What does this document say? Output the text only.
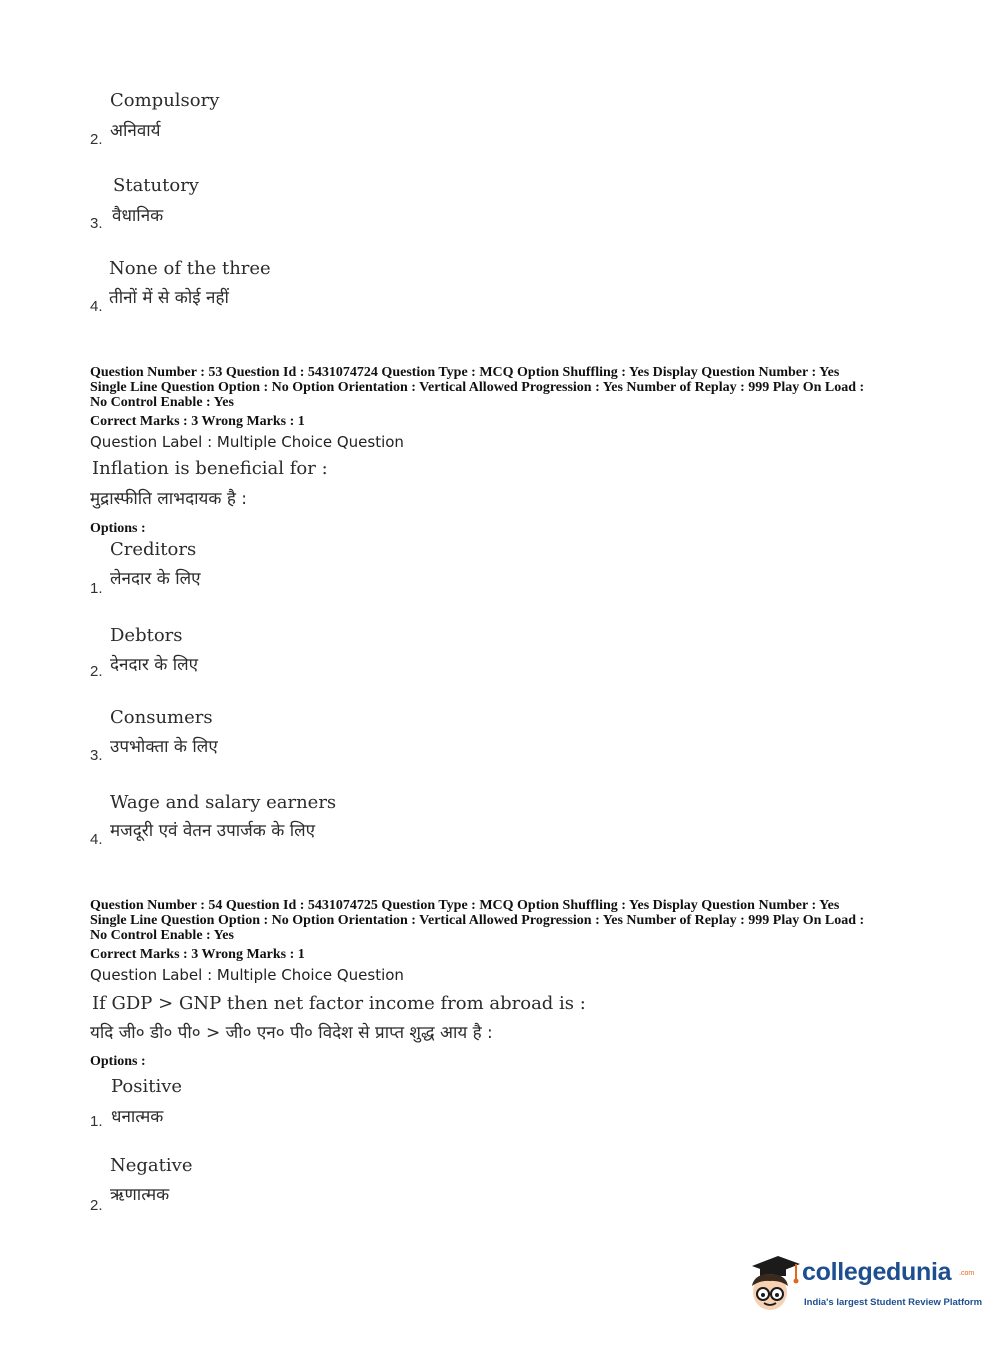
Compulsory
अनिवार्य
2.
Statutory
वैधानिक
3.
None of the three
तीनों में से कोई नहीं
4.
Question Number : 53 Question Id : 5431074724 Question Type : MCQ Option Shuffling : Yes Display Question Number : Yes
Single Line Question Option : No Option Orientation : Vertical Allowed Progression : Yes Number of Replay : 999 Play On Load :
No Control Enable : Yes
Correct Marks : 3 Wrong Marks : 1
Question Label : Multiple Choice Question
Inflation is beneficial for :
मुद्रास्फीति लाभदायक है :
Options :
Creditors
लेनदार के लिए
1.
Debtors
देनदार के लिए
2.
Consumers
उपभोक्ता के लिए
3.
Wage and salary earners
मजदूरी एवं वेतन उपार्जक के लिए
4.
Question Number : 54 Question Id : 5431074725 Question Type : MCQ Option Shuffling : Yes Display Question Number : Yes
Single Line Question Option : No Option Orientation : Vertical Allowed Progression : Yes Number of Replay : 999 Play On Load :
No Control Enable : Yes
Correct Marks : 3 Wrong Marks : 1
Question Label : Multiple Choice Question
If GDP > GNP then net factor income from abroad is :
यदि जी० डी० पी० > जी० एन० पी० विदेश से प्राप्त शुद्ध आय है :
Options :
Positive
धनात्मक
1.
Negative
ऋणात्मक
2.
collegedunia .com
India's largest Student Review Platform
